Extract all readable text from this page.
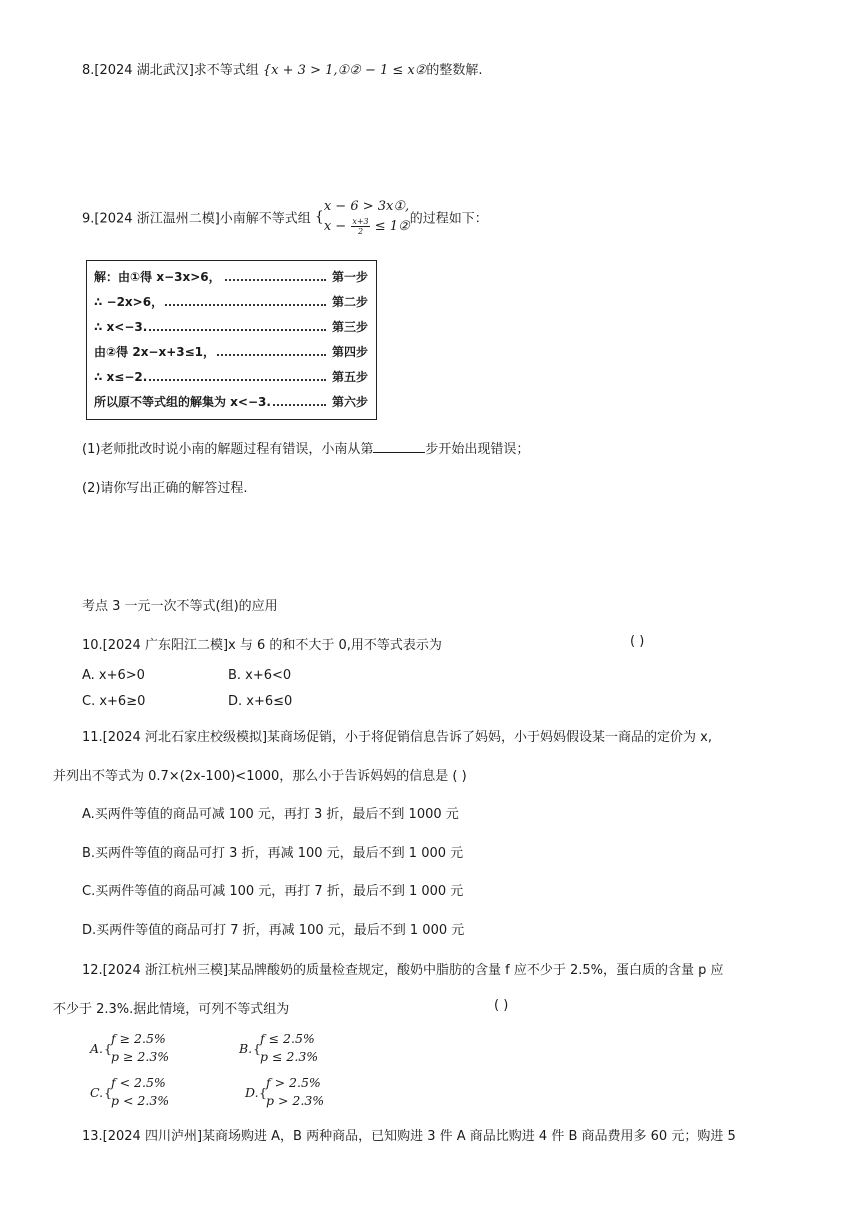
8.[2024 湖北武汉]求不等式组 {x + 3 > 1,①② − 1 ≤ x②的整数解.
9.[2024 浙江温州二模]小南解不等式组 {
x − 6 > 3x①,
$x - \frac{x+3}{2}$ ≤ 1② 的过程如下：
解：由①得 x−3x>6，	第一步
∴ −2x>6，	第二步
∴ x<−3.	第三步
由②得 2x−x+3≤1，	第四步
∴ x≤−2.	第五步
所以原不等式组的解集为 x<−3.	第六步
(1)老师批改时说小南的解题过程有错误，小南从第	步开始出现错误；
(2)请你写出正确的解答过程.
考点 3 一元一次不等式(组)的应用
10.[2024 广东阳江二模]x 与 6 的和不大于 0,用不等式表示为	( )
A. x+6>0	B. x+6<0
C. x+6≥0	D. x+6≤0
11.[2024 河北石家庄校级模拟]某商场促销，小于将促销信息告诉了妈妈，小于妈妈假设某一商品的定价为 x,
并列出不等式为 0.7×(2x-100)<1000，那么小于告诉妈妈的信息是 ( )
A.买两件等值的商品可减 100 元，再打 3 折，最后不到 1000 元
B.买两件等值的商品可打 3 折，再减 100 元，最后不到 1 000 元
C.买两件等值的商品可减 100 元，再打 7 折，最后不到 1 000 元
D.买两件等值的商品可打 7 折，再减 100 元，最后不到 1 000 元
12.[2024 浙江杭州三模]某品牌酸奶的质量检查规定，酸奶中脂肪的含量 f 应不少于 2.5%，蛋白质的含量 p 应
不少于 2.3%.据此情境，可列不等式组为	( )
A. {
f ≥ 2.5%
p ≥ 2.3%
B. {
f ≤ 2.5%
p ≤ 2.3%
C. {
f < 2.5%
p < 2.3%
D. {
f > 2.5%
p > 2.3%
13.[2024 四川泸州]某商场购进 A，B 两种商品，已知购进 3 件 A 商品比购进 4 件 B 商品费用多 60 元；购进 5
